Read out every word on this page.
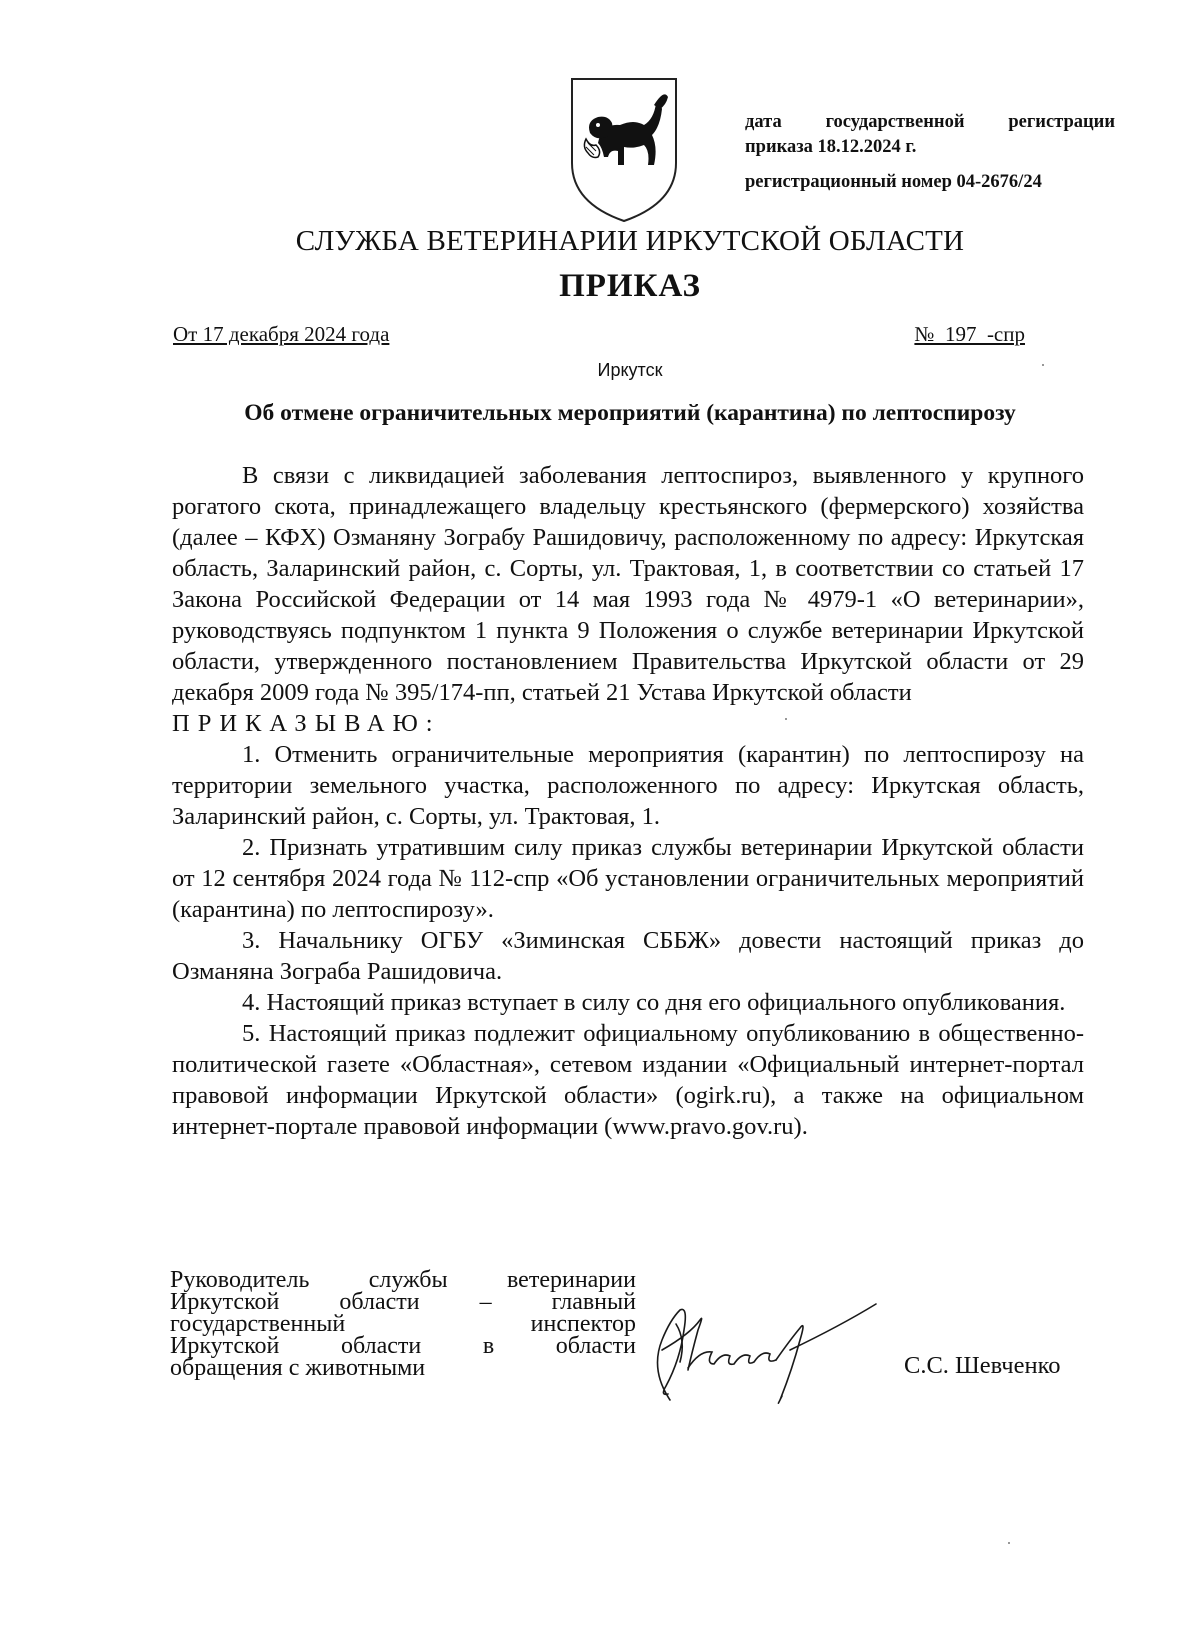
дата государственной регистрации
приказа 18.12.2024 г.
регистрационный номер 04-2676/24
СЛУЖБА ВЕТЕРИНАРИИ ИРКУТСКОЙ ОБЛАСТИ
ПРИКАЗ
От 17 декабря 2024 года	№  197  -спр
Иркутск
Об отмене ограничительных мероприятий (карантина) по лептоспирозу

В связи с ликвидацией заболевания лептоспироз, выявленного у крупного рогатого скота, принадлежащего владельцу крестьянского (фермерского) хозяйства (далее – КФХ) Озманяну Зограбу Рашидовичу, расположенному по адресу: Иркутская область, Заларинский район, с. Сорты, ул. Трактовая, 1, в соответствии со статьей 17 Закона Российской Федерации от 14 мая 1993 года № 4979-1 «О ветеринарии», руководствуясь подпунктом 1 пункта 9 Положения о службе ветеринарии Иркутской области, утвержденного постановлением Правительства Иркутской области от 29 декабря 2009 года № 395/174-пп, статьей 21 Устава Иркутской области

ПРИКАЗЫВАЮ:

1. Отменить ограничительные мероприятия (карантин) по лептоспирозу на территории земельного участка, расположенного по адресу: Иркутская область, Заларинский район, с. Сорты, ул. Трактовая, 1.

2. Признать утратившим силу приказ службы ветеринарии Иркутской области от 12 сентября 2024 года № 112-спр «Об установлении ограничительных мероприятий (карантина) по лептоспирозу».

3. Начальнику ОГБУ «Зиминская СББЖ» довести настоящий приказ до Озманяна Зограба Рашидовича.

4. Настоящий приказ вступает в силу со дня его официального опубликования.

5. Настоящий приказ подлежит официальному опубликованию в общественно-политической газете «Областная», сетевом издании «Официальный интернет-портал правовой информации Иркутской области» (ogirk.ru), а также на официальном интернет-портале правовой информации (www.pravo.gov.ru).

Руководитель службы ветеринарии
Иркутской области – главный
государственный инспектор
Иркутской области в области
обращения с животными	С.С. Шевченко
